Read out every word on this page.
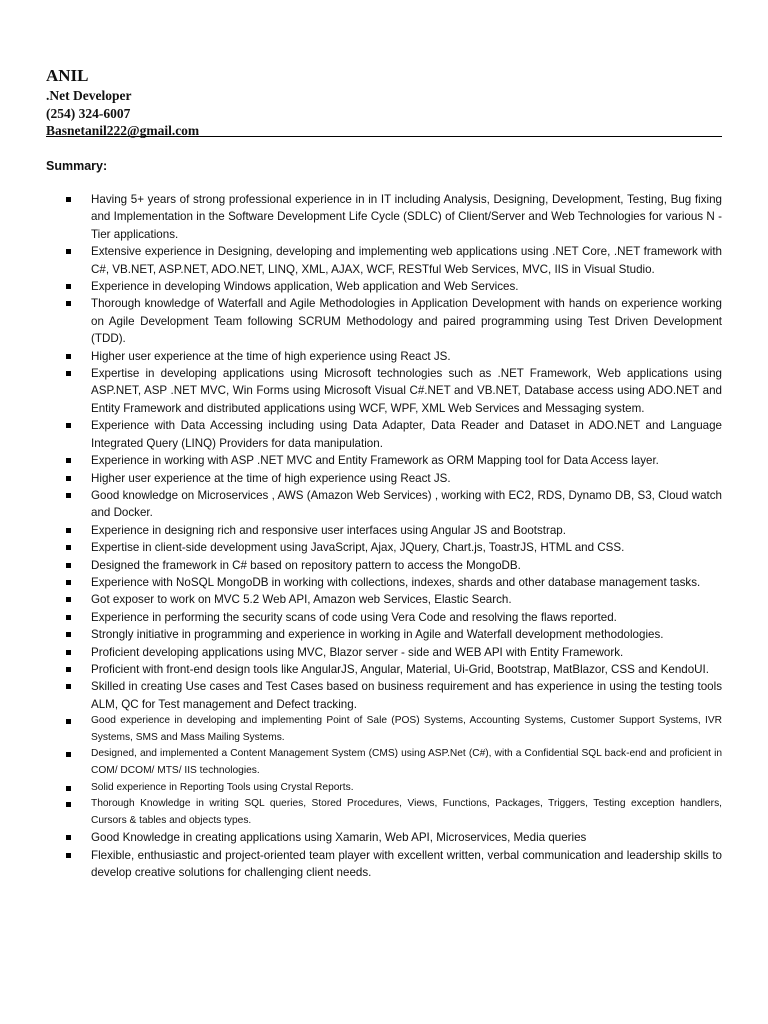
ANIL
.Net Developer
(254) 324-6007
Basnetanil222@gmail.com
Summary:
Having 5+ years of strong professional experience in in IT including Analysis, Designing, Development, Testing, Bug fixing and Implementation in the Software Development Life Cycle (SDLC) of Client/Server and Web Technologies for various N - Tier applications.
Extensive experience in Designing, developing and implementing web applications using .NET Core, .NET framework with C#, VB.NET, ASP.NET, ADO.NET, LINQ, XML, AJAX, WCF, RESTful Web Services, MVC, IIS in Visual Studio.
Experience in developing Windows application, Web application and Web Services.
Thorough knowledge of Waterfall and Agile Methodologies in Application Development with hands on experience working on Agile Development Team following SCRUM Methodology and paired programming using Test Driven Development (TDD).
Higher user experience at the time of high experience using React JS.
Expertise in developing applications using Microsoft technologies such as .NET Framework, Web applications using ASP.NET, ASP .NET MVC, Win Forms using Microsoft Visual C#.NET and VB.NET, Database access using ADO.NET and Entity Framework and distributed applications using WCF, WPF, XML Web Services and Messaging system.
Experience with Data Accessing including using Data Adapter, Data Reader and Dataset in ADO.NET and Language Integrated Query (LINQ) Providers for data manipulation.
Experience in working with ASP .NET MVC and Entity Framework as ORM Mapping tool for Data Access layer.
Higher user experience at the time of high experience using React JS.
Good knowledge on Microservices , AWS (Amazon Web Services) , working with EC2, RDS, Dynamo DB, S3, Cloud watch and Docker.
Experience in designing rich and responsive user interfaces using Angular JS and Bootstrap.
Expertise in client-side development using JavaScript, Ajax, JQuery, Chart.js, ToastrJS, HTML and CSS.
Designed the framework in C# based on repository pattern to access the MongoDB.
Experience with NoSQL MongoDB in working with collections, indexes, shards and other database management tasks.
Got exposer to work on MVC 5.2 Web API, Amazon web Services, Elastic Search.
Experience in performing the security scans of code using Vera Code and resolving the flaws reported.
Strongly initiative in programming and experience in working in Agile and Waterfall development methodologies.
Proficient developing applications using MVC, Blazor server - side and WEB API with Entity Framework.
Proficient with front-end design tools like AngularJS, Angular, Material, Ui-Grid, Bootstrap, MatBlazor, CSS and KendoUI.
Skilled in creating Use cases and Test Cases based on business requirement and has experience in using the testing tools ALM, QC for Test management and Defect tracking.
Good experience in developing and implementing Point of Sale (POS) Systems, Accounting Systems, Customer Support Systems, IVR Systems, SMS and Mass Mailing Systems.
Designed, and implemented a Content Management System (CMS) using ASP.Net (C#), with a Confidential SQL back-end and proficient in COM/ DCOM/ MTS/ IIS technologies.
Solid experience in Reporting Tools using Crystal Reports.
Thorough Knowledge in writing SQL queries, Stored Procedures, Views, Functions, Packages, Triggers, Testing exception handlers, Cursors & tables and objects types.
Good Knowledge in creating applications using Xamarin, Web API, Microservices, Media queries
Flexible, enthusiastic and project-oriented team player with excellent written, verbal communication and leadership skills to develop creative solutions for challenging client needs.
